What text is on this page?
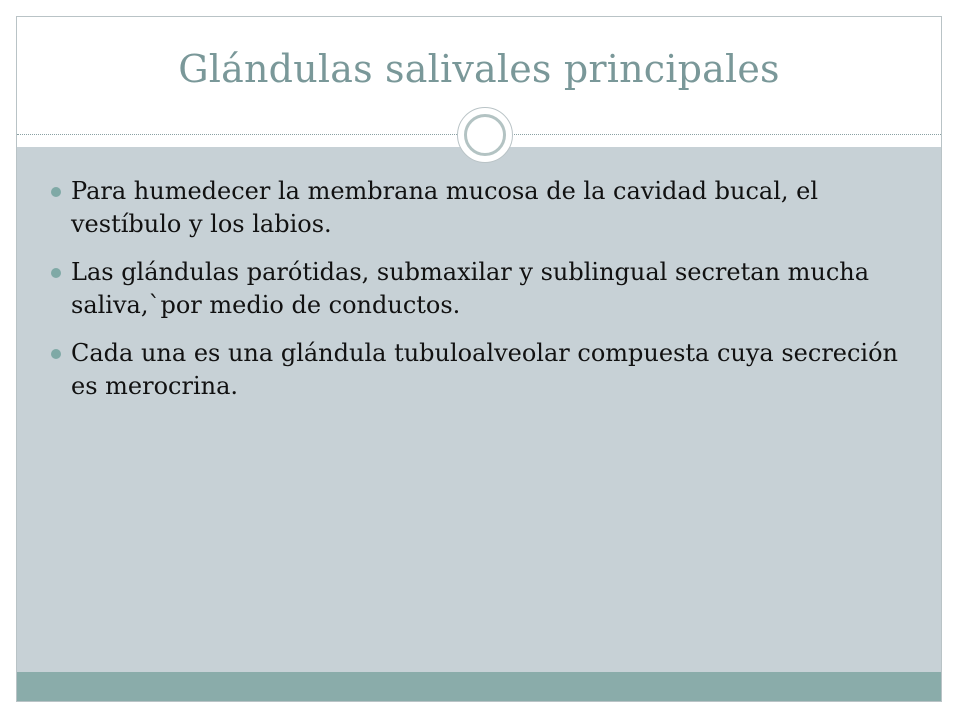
Glándulas salivales principales
Para humedecer la membrana mucosa de la cavidad bucal, el vestíbulo y los labios.
Las glándulas parótidas, submaxilar y sublingual secretan mucha saliva,`por medio de conductos.
Cada una es una glándula tubuloalveolar compuesta cuya secreción es merocrina.
